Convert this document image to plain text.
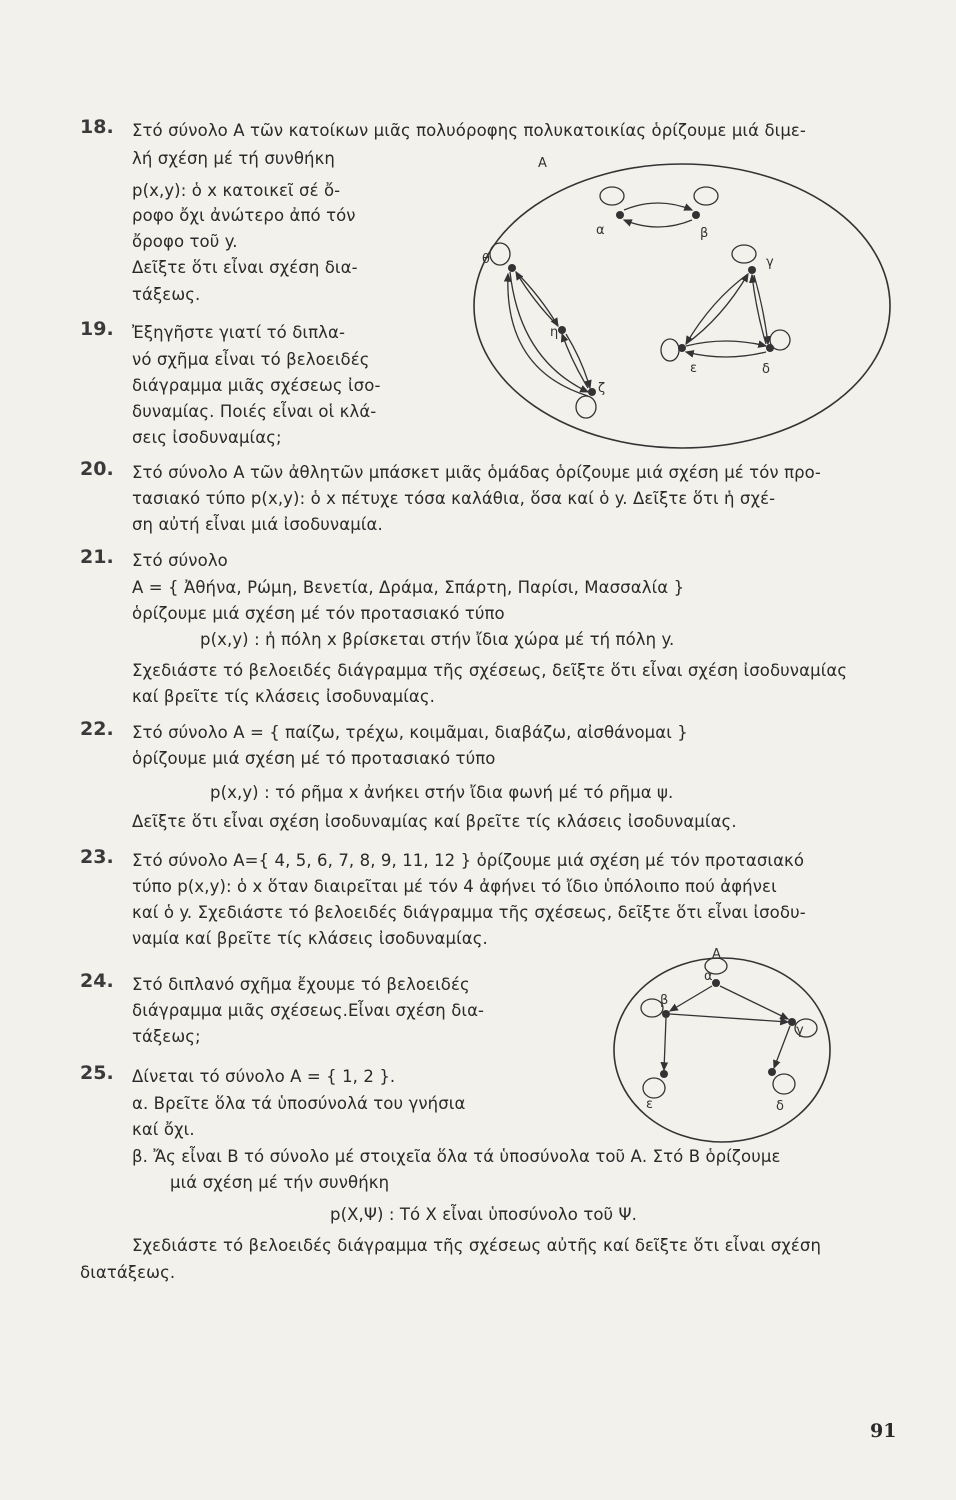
18. Στό σύνολο Α τῶν κατοίκων μιᾶς πολυόροφης πολυκατοικίας ὁρίζουμε μιά διμε-
λή σχέση μέ τή συνθήκη
p(x,y): ὁ x κατοικεῖ σέ ὄ-
ροφο ὄχι ἀνώτερο ἀπό τόν
ὄροφο τοῦ y.
Δεῖξτε ὅτι εἶναι σχέση δια-
τάξεως.
19. Ἐξηγῆστε γιατί τό διπλα-
νό σχῆμα εἶναι τό βελοειδές
διάγραμμα μιᾶς σχέσεως ἰσο-
δυναμίας. Ποιές εἶναι οἱ κλά-
σεις ἰσοδυναμίας;
Α
α	β
θ
η
ζ
γ
ε	δ
20. Στό σύνολο Α τῶν ἀθλητῶν μπάσκετ μιᾶς ὁμάδας ὁρίζουμε μιά σχέση μέ τόν προ-
τασιακό τύπο p(x,y): ὁ x πέτυχε τόσα καλάθια, ὅσα καί ὁ y. Δεῖξτε ὅτι ἡ σχέ-
ση αὐτή εἶναι μιά ἰσοδυναμία.
21. Στό σύνολο
Α = { Ἀθήνα, Ρώμη, Βενετία, Δράμα, Σπάρτη, Παρίσι, Μασσαλία }
ὁρίζουμε μιά σχέση μέ τόν προτασιακό τύπο
p(x,y) : ἡ πόλη x βρίσκεται στήν ἴδια χώρα μέ τή πόλη y.
Σχεδιάστε τό βελοειδές διάγραμμα τῆς σχέσεως, δεῖξτε ὅτι εἶναι σχέση ἰσοδυναμίας
καί βρεῖτε τίς κλάσεις ἰσοδυναμίας.
22. Στό σύνολο Α = { παίζω, τρέχω, κοιμᾶμαι, διαβάζω, αἰσθάνομαι }
ὁρίζουμε μιά σχέση μέ τό προτασιακό τύπο
p(x,y) : τό ρῆμα x ἀνήκει στήν ἴδια φωνή μέ τό ρῆμα ψ.
Δεῖξτε ὅτι εἶναι σχέση ἰσοδυναμίας καί βρεῖτε τίς κλάσεις ἰσοδυναμίας.
23. Στό σύνολο Α={ 4, 5, 6, 7, 8, 9, 11, 12 } ὁρίζουμε μιά σχέση μέ τόν προτασιακό
τύπο p(x,y): ὁ x ὅταν διαιρεῖται μέ τόν 4 ἀφήνει τό ἴδιο ὑπόλοιπο πού ἀφήνει
καί ὁ y. Σχεδιάστε τό βελοειδές διάγραμμα τῆς σχέσεως, δεῖξτε ὅτι εἶναι ἰσοδυ-
ναμία καί βρεῖτε τίς κλάσεις ἰσοδυναμίας.
24. Στό διπλανό σχῆμα ἔχουμε τό βελοειδές
διάγραμμα μιᾶς σχέσεως.Εἶναι σχέση δια-
τάξεως;
Α
α
β
γ
ε	δ
25. Δίνεται τό σύνολο Α = { 1, 2 }.
α. Βρεῖτε ὅλα τά ὑποσύνολά του γνήσια
καί ὄχι.
β. Ἄς εἶναι Β τό σύνολο μέ στοιχεῖα ὅλα τά ὑποσύνολα τοῦ Α. Στό Β ὁρίζουμε
μιά σχέση μέ τήν συνθήκη
p(X,Ψ) : Τό Χ εἶναι ὑποσύνολο τοῦ Ψ.
Σχεδιάστε τό βελοειδές διάγραμμα τῆς σχέσεως αὐτῆς καί δεῖξτε ὅτι εἶναι σχέση
διατάξεως.
91
